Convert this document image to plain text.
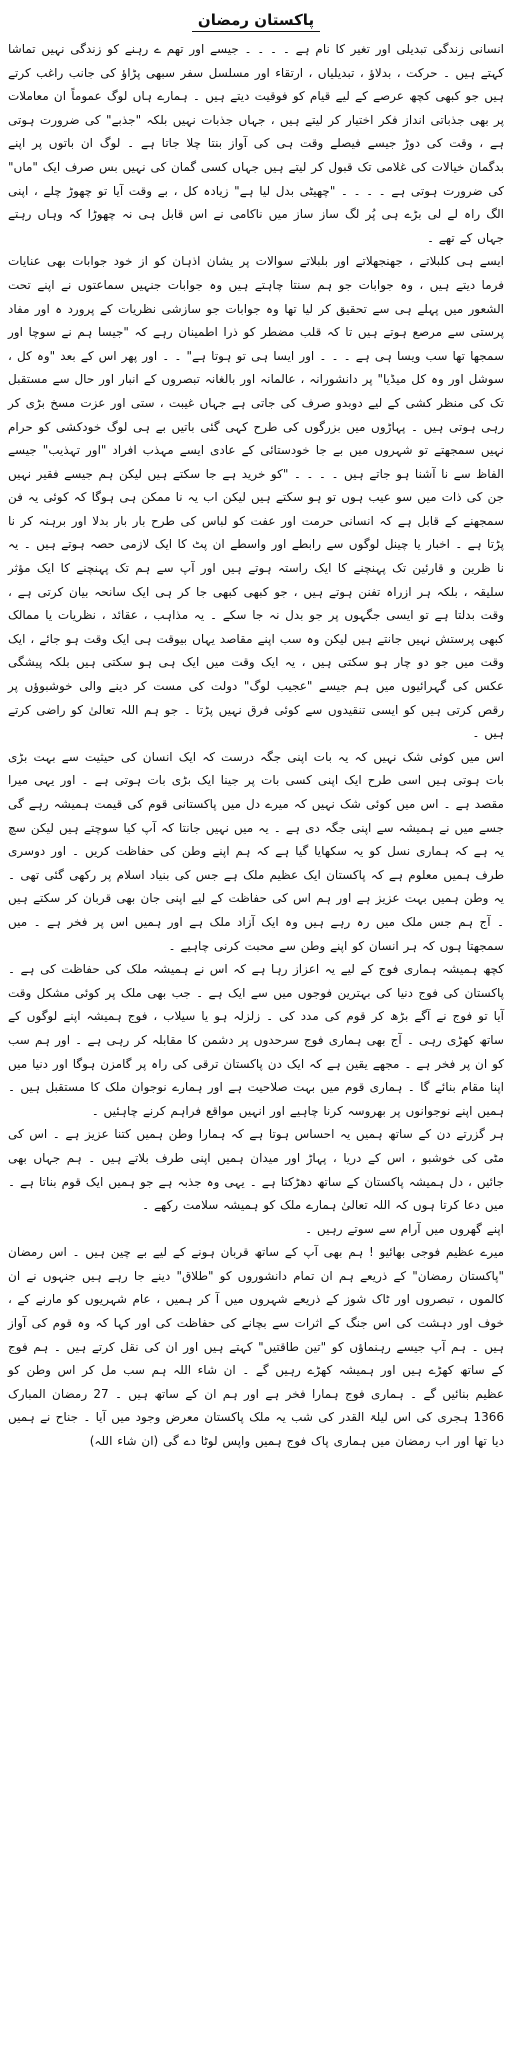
پاکستان رمضان

انسانی زندگی تبدیلی اور تغیر کا نام ہے ۔ ۔ ۔ ۔ جیسے اور تھم ے رہنے کو زندگی نہیں تماشا کہتے ہیں ۔ حرکت ، بدلاؤ ، تبدیلیاں ، ارتقاء اور مسلسل سفر سبھی پڑاؤ کی جانب راغب کرتے ہیں جو کبھی کچھ عرصے کے لیے قیام کو فوقیت دیتے ہیں ۔ ہمارے ہاں لوگ عموماً ان معاملات پر بھی جذباتی انداز فکر اختیار کر لیتے ہیں ، جہاں جذبات نہیں بلکہ "جذبے" کی ضرورت ہوتی ہے ، وقت کی دوڑ جیسے فیصلے وقت ہی کی آواز بنتا چلا جاتا ہے ۔ لوگ ان باتوں پر اپنے بدگمان خیالات کی غلامی تک قبول کر لیتے ہیں جہاں کسی گمان کی نہیں بس صرف ایک "ماں" کی ضرورت ہوتی ہے ۔ ۔ ۔ ۔ "چھیٹی بدل لیا ہے" زیادہ کل ، بے وقت آیا تو چھوڑ چلے ، اپنی الگ راہ لے لی بڑے ہی پُر لگ ساز ساز میں ناکامی نے اس قابل ہی نہ چھوڑا کہ وہاں رہتے جہاں کے تھے ۔

ایسے ہی کلبلاتے ، جھنجھلاتے اور بلبلاتے سوالات پر یشان اذہان کو از خود جوابات بھی عنایات فرما دیتے ہیں ، وہ جوابات جو ہم سنتا چاہتے ہیں وہ جوابات جنہیں سماعتوں نے اپنے تحت الشعور میں پہلے ہی سے تحقیق کر لیا تھا وہ جوابات جو سازشی نظریات کے پرورد ہ اور مفاد پرستی سے مرصع ہوتے ہیں تا کہ قلب مضطر کو ذرا اطمینان رہے کہ "جیسا ہم نے سوچا اور سمجھا تھا سب ویسا ہی ہے ۔ ۔ ۔ اور ایسا ہی تو ہوتا ہے" ۔ ۔ اور پھر اس کے بعد "وہ کل ، سوشل اور وہ کل میڈیا" پر دانشورانہ ، عالمانہ اور بالغانہ تبصروں کے انبار اور حال سے مستقبل تک کی منظر کشی کے لیے دوبدو صرف کی جاتی ہے جہاں غیبت ، ستی اور عزت مسخ بڑی کر رہی ہوتی ہیں ۔ پہاڑوں میں بزرگوں کی طرح کہی گئی باتیں بے ہی لوگ خودکشی کو حرام نہیں سمجھتے تو شہروں میں بے جا خودستائی کے عادی ایسے مہذب افراد "اور تہذیب" جیسے الفاظ سے نا آشنا ہو جاتے ہیں ۔ ۔ ۔ ۔ "کو خرید ہے جا سکتے ہیں لیکن ہم جیسے فقیر نہیں جن کی ذات میں سو عیب ہوں تو ہو سکتے ہیں لیکن اب یہ نا ممکن ہی ہوگا کہ کوئی یہ فن سمجھنے کے قابل ہے کہ انسانی حرمت اور عفت کو لباس کی طرح بار بار بدلا اور برہنہ کر نا پڑتا ہے ۔ اخبار یا چینل لوگوں سے رابطے اور واسطے ان پٹ کا ایک لازمی حصہ ہوتے ہیں ۔ یہ نا ظرین و قارئین تک پہنچنے کا ایک راستہ ہوتے ہیں اور آپ سے ہم تک پہنچنے کا ایک مؤثر سلیقہ ، بلکہ ہر ازراہ تفنن ہوتے ہیں ، جو کبھی کبھی جا کر ہی ایک سانحہ بیان کرتی ہے ، وقت بدلتا ہے تو ایسی جگہوں پر جو بدل نہ جا سکے ۔ یہ مذاہب ، عقائد ، نظریات یا ممالک کبھی پرستش نہیں جانتے ہیں لیکن وہ سب اپنے مقاصد یہاں بیوقت ہی ایک وقت ہو جائے ، ایک وقت میں جو دو چار ہو سکتی ہیں ، یہ ایک وقت میں ایک ہی ہو سکتی ہیں بلکہ پیشگی عکس کی گہرائیوں میں ہم جیسے "عجیب لوگ" دولت کی مست کر دینے والی خوشبوؤں پر رقص کرتی ہیں کو ایسی تنقیدوں سے کوئی فرق نہیں پڑتا ۔ جو ہم اللہ تعالیٰ کو راضی کرتے ہیں ۔

اس میں کوئی شک نہیں کہ یہ بات اپنی جگہ درست کہ ایک انسان کی حیثیت سے بہت بڑی بات ہوتی ہیں اسی طرح ایک اپنی کسی بات پر جینا ایک بڑی بات ہوتی ہے ۔ اور یہی میرا مقصد ہے ۔ اس میں کوئی شک نہیں کہ میرے دل میں پاکستانی قوم کی قیمت ہمیشہ رہے گی جسے میں نے ہمیشہ سے اپنی جگہ دی ہے ۔ یہ میں نہیں جانتا کہ آپ کیا سوچتے ہیں لیکن سچ یہ ہے کہ ہماری نسل کو یہ سکھایا گیا ہے کہ ہم اپنے وطن کی حفاظت کریں ۔ اور دوسری طرف ہمیں معلوم ہے کہ پاکستان ایک عظیم ملک ہے جس کی بنیاد اسلام پر رکھی گئی تھی ۔ یہ وطن ہمیں بہت عزیز ہے اور ہم اس کی حفاظت کے لیے اپنی جان بھی قربان کر سکتے ہیں ۔ آج ہم جس ملک میں رہ رہے ہیں وہ ایک آزاد ملک ہے اور ہمیں اس پر فخر ہے ۔ میں سمجھتا ہوں کہ ہر انسان کو اپنے وطن سے محبت کرنی چاہیے ۔

کچھ ہمیشہ ہماری فوج کے لیے یہ اعزاز رہا ہے کہ اس نے ہمیشہ ملک کی حفاظت کی ہے ۔ پاکستان کی فوج دنیا کی بہترین فوجوں میں سے ایک ہے ۔ جب بھی ملک پر کوئی مشکل وقت آیا تو فوج نے آگے بڑھ کر قوم کی مدد کی ۔ زلزلہ ہو یا سیلاب ، فوج ہمیشہ اپنے لوگوں کے ساتھ کھڑی رہی ۔ آج بھی ہماری فوج سرحدوں پر دشمن کا مقابلہ کر رہی ہے ۔ اور ہم سب کو ان پر فخر ہے ۔ مجھے یقین ہے کہ ایک دن پاکستان ترقی کی راہ پر گامزن ہوگا اور دنیا میں اپنا مقام بنائے گا ۔ ہماری قوم میں بہت صلاحیت ہے اور ہمارے نوجوان ملک کا مستقبل ہیں ۔ ہمیں اپنے نوجوانوں پر بھروسہ کرنا چاہیے اور انہیں مواقع فراہم کرنے چاہئیں ۔

ہر گزرتے دن کے ساتھ ہمیں یہ احساس ہوتا ہے کہ ہمارا وطن ہمیں کتنا عزیز ہے ۔ اس کی مٹی کی خوشبو ، اس کے دریا ، پہاڑ اور میدان ہمیں اپنی طرف بلاتے ہیں ۔ ہم جہاں بھی جائیں ، دل ہمیشہ پاکستان کے ساتھ دھڑکتا ہے ۔ یہی وہ جذبہ ہے جو ہمیں ایک قوم بناتا ہے ۔ میں دعا کرتا ہوں کہ اللہ تعالیٰ ہمارے ملک کو ہمیشہ سلامت رکھے ۔

اپنے گھروں میں آرام سے سوتے رہیں ۔

میرے عظیم فوجی بھائیو ! ہم بھی آپ کے ساتھ قربان ہونے کے لیے بے چین ہیں ۔ اس رمضان "پاکستان رمضان" کے ذریعے ہم ان تمام دانشوروں کو "طلاق" دینے جا رہے ہیں جنہوں نے ان کالموں ، تبصروں اور ٹاک شوز کے ذریعے شہروں میں آ کر ہمیں ، عام شہریوں کو مارنے کے ، خوف اور دہشت کی اس جنگ کے اثرات سے بچانے کی حفاظت کی اور کہا کہ وہ قوم کی آواز ہیں ۔ ہم آپ جیسے رہنماؤں کو "تین طاقتیں" کہتے ہیں اور ان کی نقل کرتے ہیں ۔ ہم فوج کے ساتھ کھڑے ہیں اور ہمیشہ کھڑے رہیں گے ۔ ان شاء اللہ ہم سب مل کر اس وطن کو عظیم بنائیں گے ۔ ہماری فوج ہمارا فخر ہے اور ہم ان کے ساتھ ہیں ۔ 27 رمضان المبارک 1366 ہجری کی اس لیلۃ القدر کی شب یہ ملک پاکستان معرض وجود میں آیا ۔ جناح نے ہمیں دیا تھا اور اب رمضان میں ہماری پاک فوج ہمیں واپس لوٹا دے گی (ان شاء اللہ)
